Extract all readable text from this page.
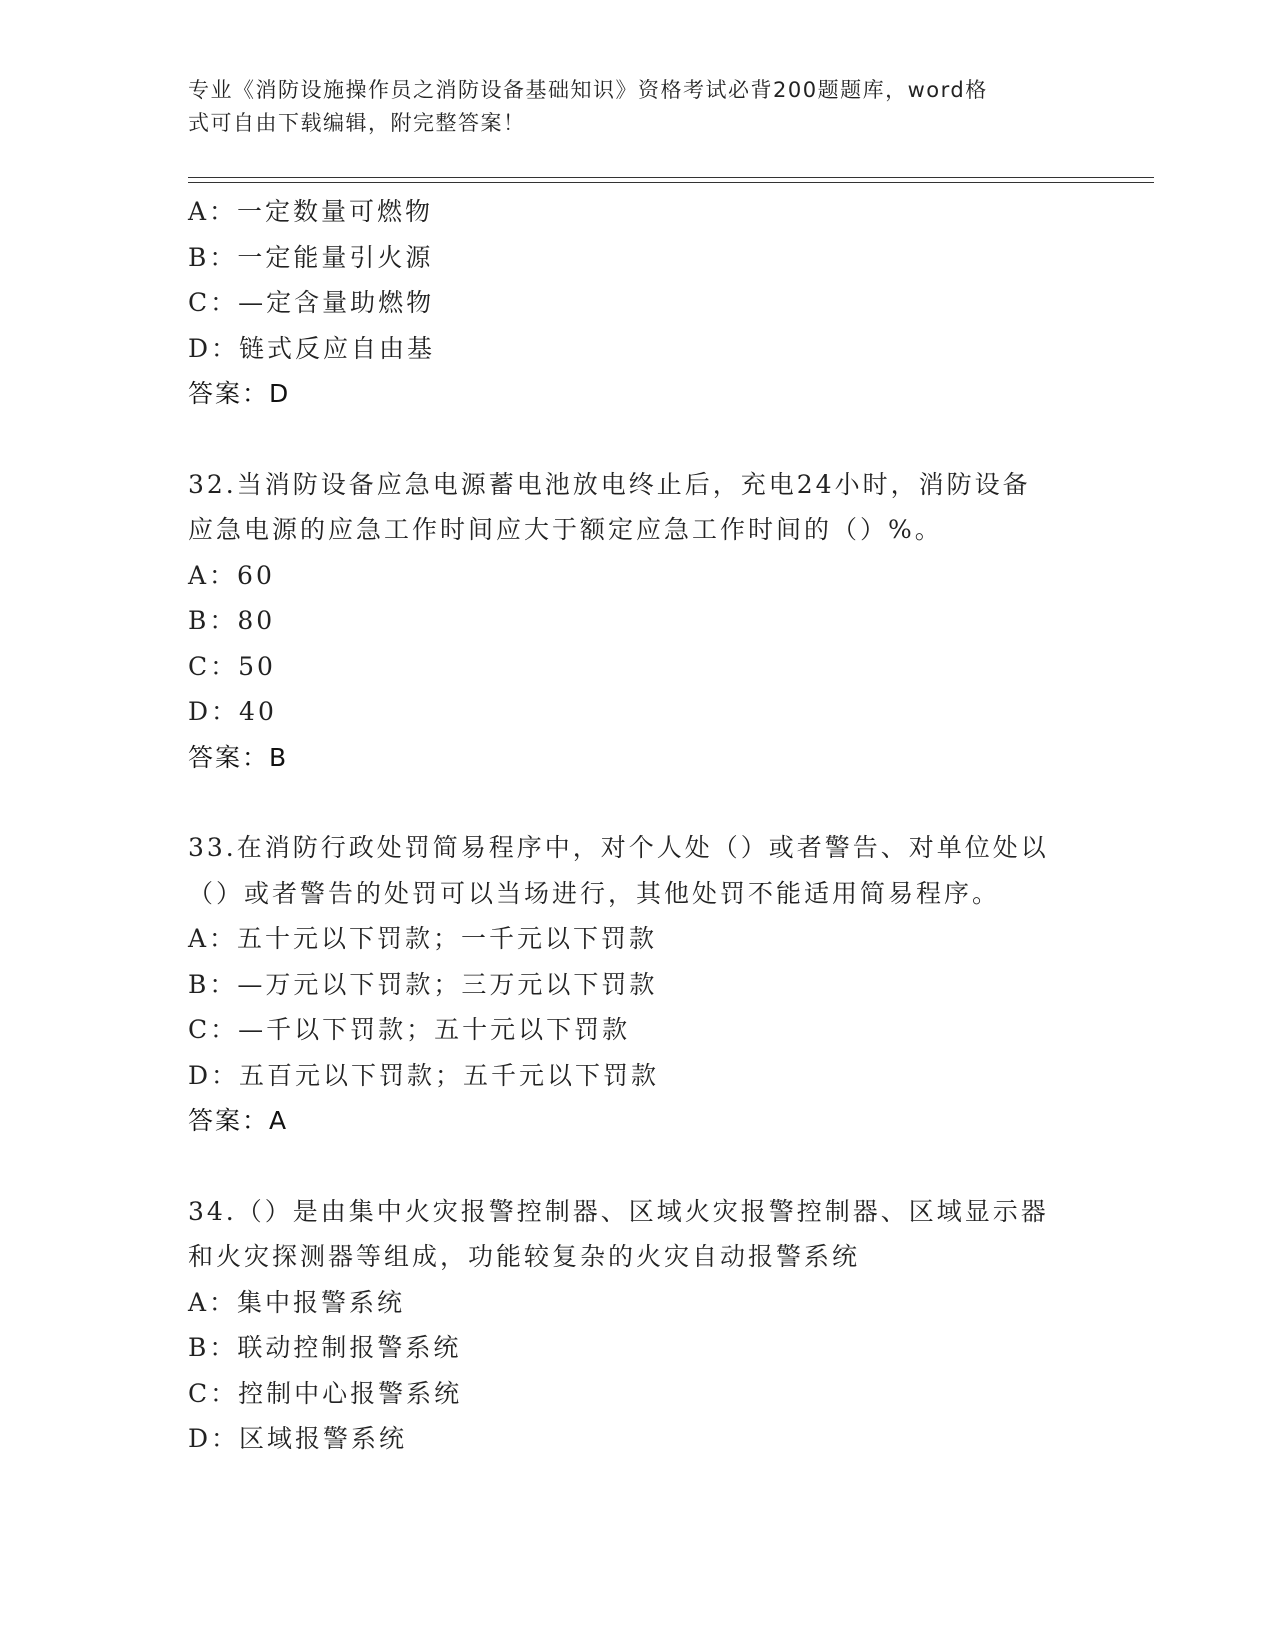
专业《消防设施操作员之消防设备基础知识》资格考试必背200题题库，word格
式可自由下载编辑，附完整答案！
A：一定数量可燃物
B：一定能量引火源
C：—定含量助燃物
D：链式反应自由基
答案：D
32.当消防设备应急电源蓄电池放电终止后，充电24小时，消防设备
应急电源的应急工作时间应大于额定应急工作时间的（）%。
A：60
B：80
C：50
D：40
答案：B
33.在消防行政处罚简易程序中，对个人处（）或者警告、对单位处以
（）或者警告的处罚可以当场进行，其他处罚不能适用简易程序。
A：五十元以下罚款；一千元以下罚款
B：—万元以下罚款；三万元以下罚款
C：—千以下罚款；五十元以下罚款
D：五百元以下罚款；五千元以下罚款
答案：A
34.（）是由集中火灾报警控制器、区域火灾报警控制器、区域显示器
和火灾探测器等组成，功能较复杂的火灾自动报警系统
A：集中报警系统
B：联动控制报警系统
C：控制中心报警系统
D：区域报警系统
